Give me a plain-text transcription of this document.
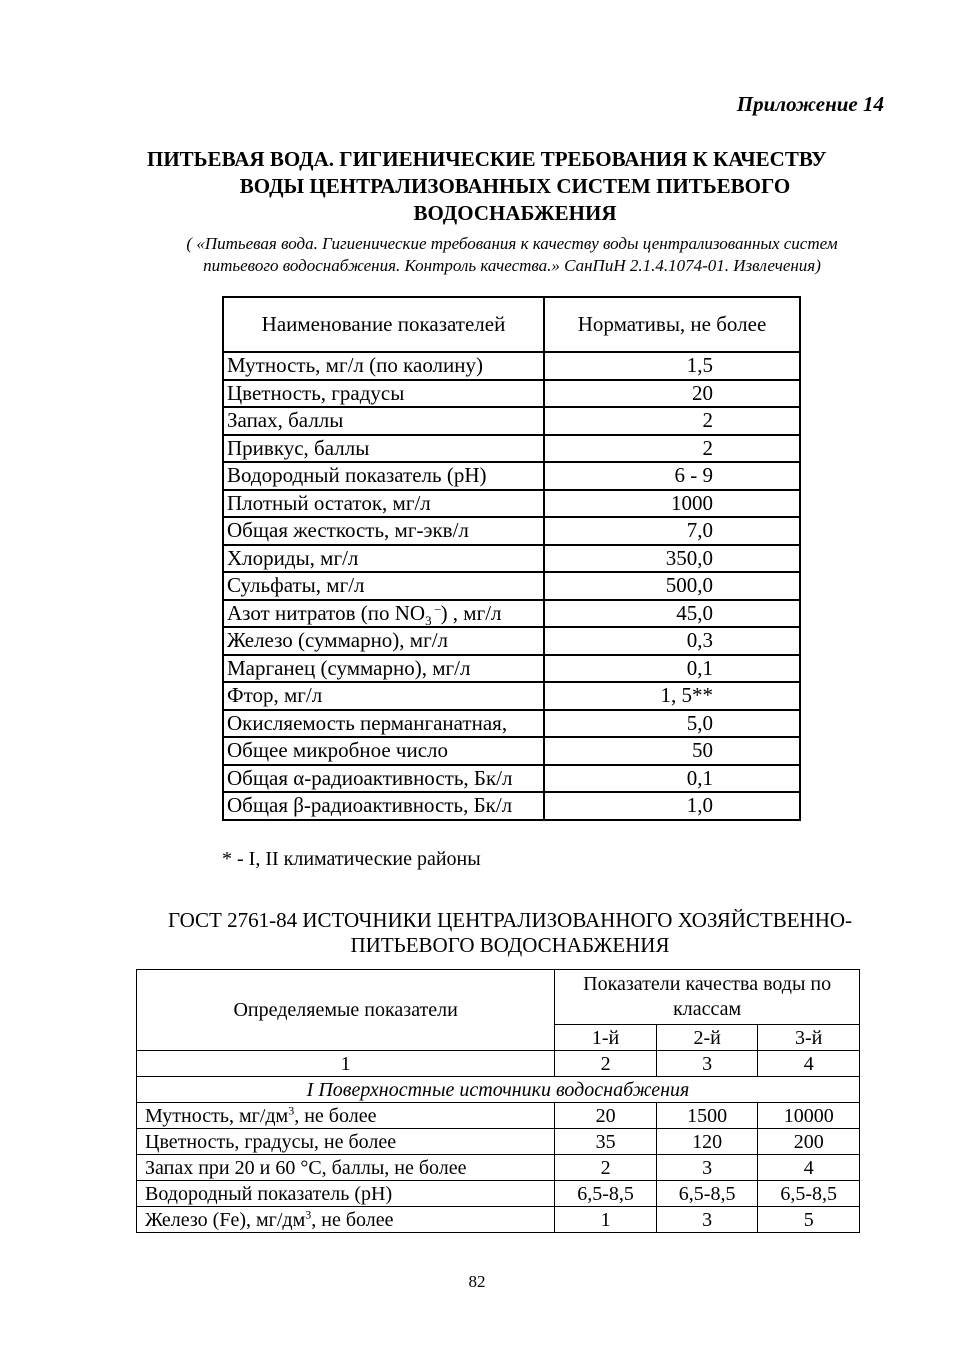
Приложение 14
ПИТЬЕВАЯ ВОДА. ГИГИЕНИЧЕСКИЕ ТРЕБОВАНИЯ К КАЧЕСТВУ
ВОДЫ ЦЕНТРАЛИЗОВАННЫХ СИСТЕМ ПИТЬЕВОГО
ВОДОСНАБЖЕНИЯ
( «Питьевая вода. Гигиенические требования к качеству воды централизованных систем
питьевого водоснабжения. Контроль качества.» СанПиН 2.1.4.1074-01. Извлечения)
Наименование показателей	Нормативы, не более
Мутность, мг/л (по каолину)	1,5
Цветность, градусы	20
Запах, баллы	2
Привкус, баллы	2
Водородный показатель (рН)	6 - 9
Плотный остаток, мг/л	1000
Общая жесткость, мг-экв/л	7,0
Хлориды, мг/л	350,0
Сульфаты, мг/л	500,0
Азот нитратов (по $NO_3$ –) , мг/л	45,0
Железо (суммарно), мг/л	0,3
Марганец (суммарно), мг/л	0,1
Фтор, мг/л	1, 5**
Окисляемость перманганатная,	5,0
Общее микробное число	50
Общая α-радиоактивность, Бк/л	0,1
Общая β-радиоактивность, Бк/л	1,0
* - I, II климатические районы
ГОСТ 2761-84 ИСТОЧНИКИ ЦЕНТРАЛИЗОВАННОГО ХОЗЯЙСТВЕННО-
ПИТЬЕВОГО ВОДОСНАБЖЕНИЯ
Определяемые показатели	Показатели качества воды по классам		
	1-й	2-й	3-й
1	2	3	4
I Поверхностные источники водоснабжения			
Мутность, $мг/дм^3$, не более	20	1500	10000
Цветность, градусы, не более	35	120	200
Запах при 20 и 60 °С, баллы, не более	2	3	4
Водородный показатель (рН)	6,5-8,5	6,5-8,5	6,5-8,5
Железо (Fe), $мг/дм^3$, не более	1	3	5
82
